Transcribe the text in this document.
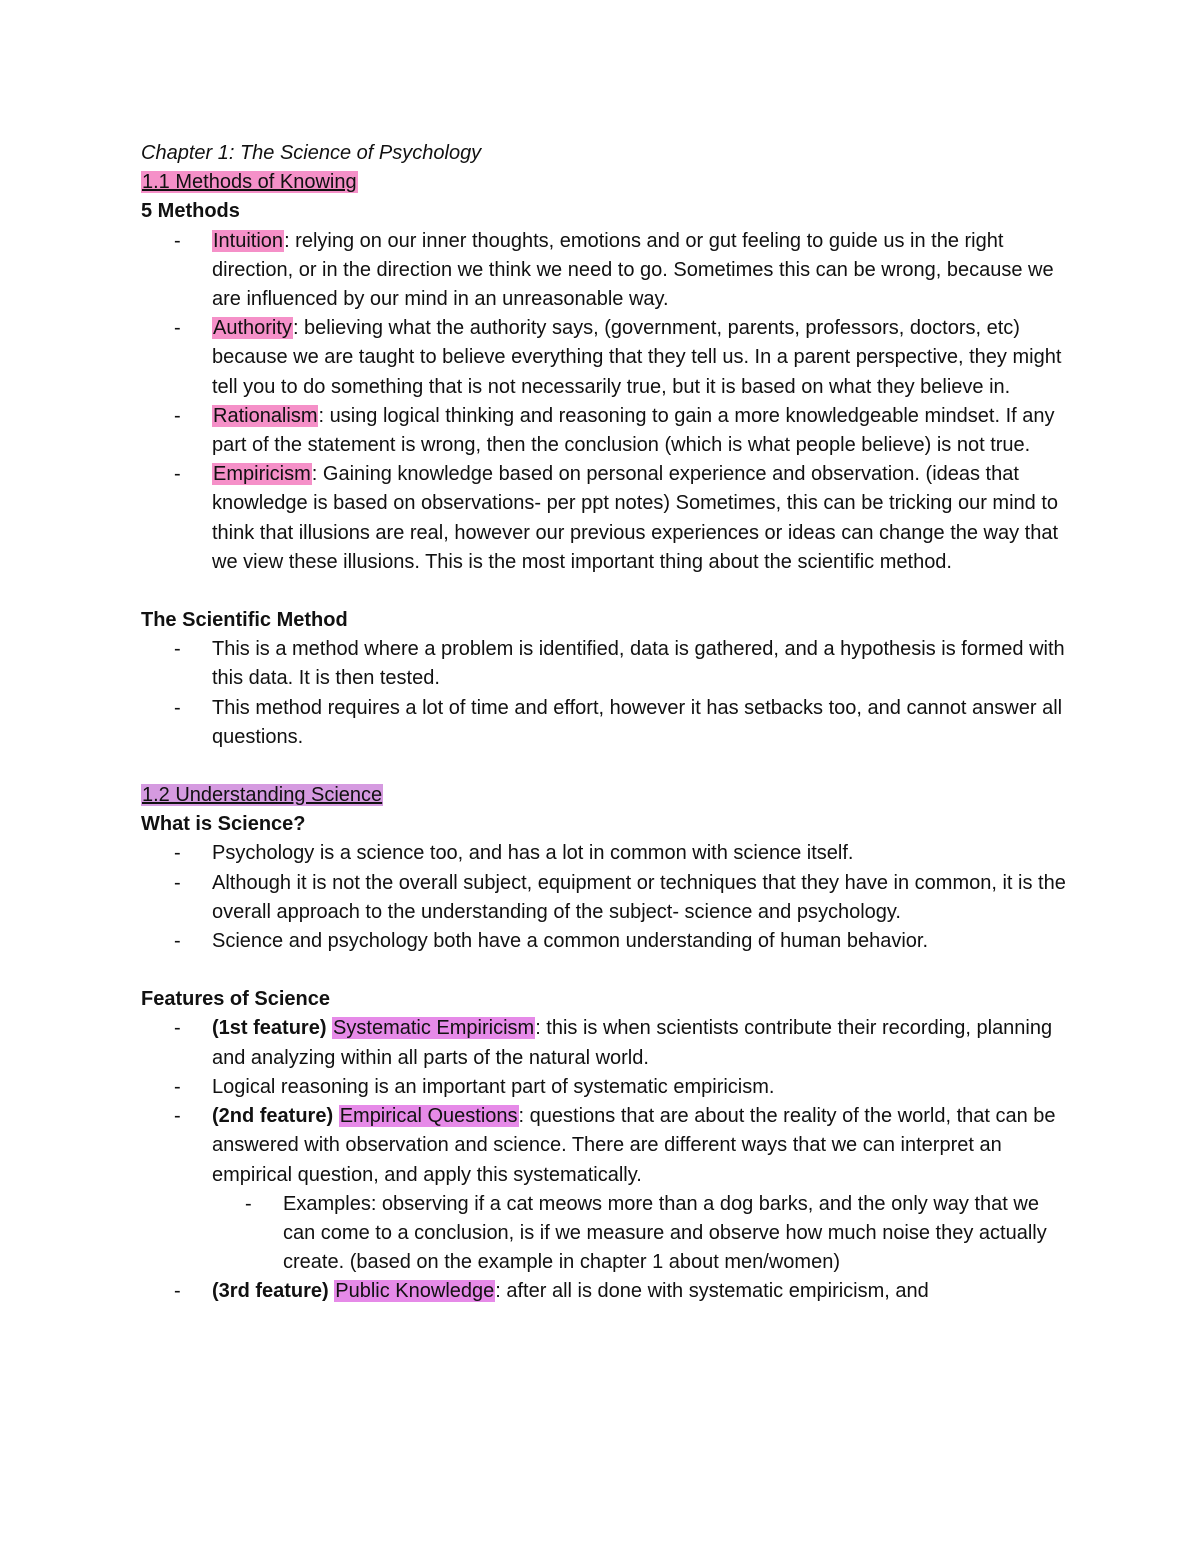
Chapter 1: The Science of Psychology

1.1 Methods of Knowing

5 Methods

- Intuition: relying on our inner thoughts, emotions and or gut feeling to guide us in the right direction, or in the direction we think we need to go. Sometimes this can be wrong, because we are influenced by our mind in an unreasonable way.
- Authority: believing what the authority says, (government, parents, professors, doctors, etc) because we are taught to believe everything that they tell us. In a parent perspective, they might tell you to do something that is not necessarily true, but it is based on what they believe in.
- Rationalism: using logical thinking and reasoning to gain a more knowledgeable mindset. If any part of the statement is wrong, then the conclusion (which is what people believe) is not true.
- Empiricism: Gaining knowledge based on personal experience and observation. (ideas that knowledge is based on observations- per ppt notes) Sometimes, this can be tricking our mind to think that illusions are real, however our previous experiences or ideas can change the way that we view these illusions. This is the most important thing about the scientific method.

The Scientific Method

- This is a method where a problem is identified, data is gathered, and a hypothesis is formed with this data. It is then tested.
- This method requires a lot of time and effort, however it has setbacks too, and cannot answer all questions.

1.2 Understanding Science

What is Science?

- Psychology is a science too, and has a lot in common with science itself.
- Although it is not the overall subject, equipment or techniques that they have in common, it is the overall approach to the understanding of the subject- science and psychology.
- Science and psychology both have a common understanding of human behavior.

Features of Science

- (1st feature) Systematic Empiricism: this is when scientists contribute their recording, planning and analyzing within all parts of the natural world.
- Logical reasoning is an important part of systematic empiricism.
- (2nd feature) Empirical Questions: questions that are about the reality of the world, that can be answered with observation and science. There are different ways that we can interpret an empirical question, and apply this systematically.
- Examples: observing if a cat meows more than a dog barks, and the only way that we can come to a conclusion, is if we measure and observe how much noise they actually create. (based on the example in chapter 1 about men/women)
- (3rd feature) Public Knowledge: after all is done with systematic empiricism, and
